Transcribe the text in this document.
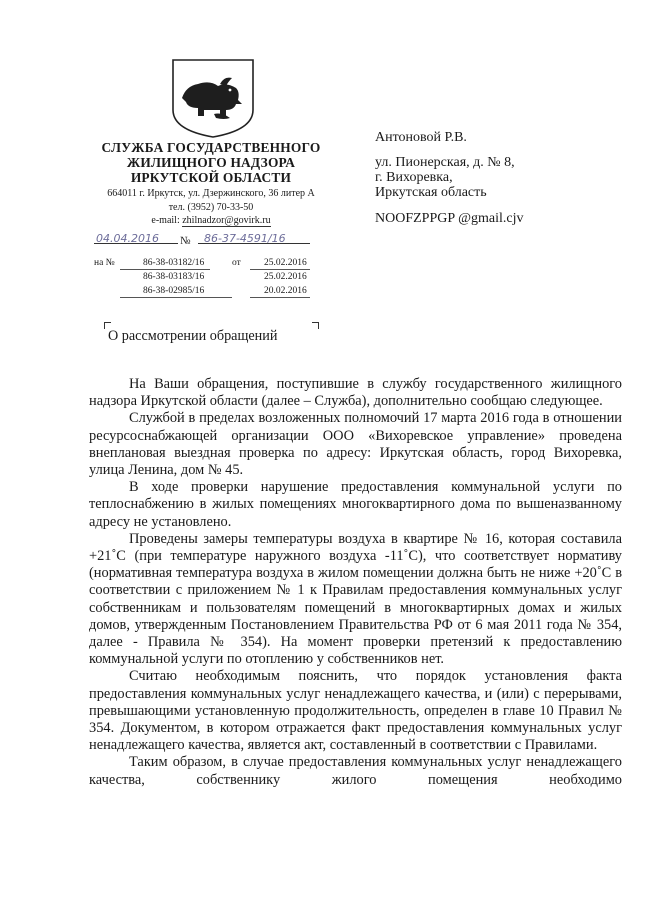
СЛУЖБА ГОСУДАРСТВЕННОГО
ЖИЛИЩНОГО НАДЗОРА
ИРКУТСКОЙ ОБЛАСТИ
664011 г. Иркутск, ул. Дзержинского, 36 литер А
тел. (3952) 70-33-50
e-mail: zhilnadzor@govirk.ru
04.04.2016 № 86-37-4591/16
на №	от
86-38-03182/16	25.02.2016
86-38-03183/16	25.02.2016
86-38-02985/16	20.02.2016
Антоновой Р.В.
ул. Пионерская, д. № 8,
г. Вихоревка,
Иркутская область
NOOFZPPGP @gmail.cjv
О рассмотрении обращений

На Ваши обращения, поступившие в службу государственного жилищного надзора Иркутской области (далее – Служба), дополнительно сообщаю следующее.

Службой в пределах возложенных полномочий 17 марта 2016 года в отношении ресурсоснабжающей организации ООО «Вихоревское управление» проведена внеплановая выездная проверка по адресу: Иркутская область, город Вихоревка, улица Ленина, дом № 45.

В ходе проверки нарушение предоставления коммунальной услуги по теплоснабжению в жилых помещениях многоквартирного дома по вышеназванному адресу не установлено.

Проведены замеры температуры воздуха в квартире № 16, которая составила +21˚С (при температуре наружного воздуха -11˚С), что соответствует нормативу (нормативная температура воздуха в жилом помещении должна быть не ниже +20˚С в соответствии с приложением № 1 к Правилам предоставления коммунальных услуг собственникам и пользователям помещений в многоквартирных домах и жилых домов, утвержденным Постановлением Правительства РФ от 6 мая 2011 года № 354, далее - Правила № 354). На момент проверки претензий к предоставлению коммунальной услуги по отоплению у собственников нет.

Считаю необходимым пояснить, что порядок установления факта предоставления коммунальных услуг ненадлежащего качества, и (или) с перерывами, превышающими установленную продолжительность, определен в главе 10 Правил № 354. Документом, в котором отражается факт предоставления коммунальных услуг ненадлежащего качества, является акт, составленный в соответствии с Правилами.

Таким образом, в случае предоставления коммунальных услуг ненадлежащего качества, собственнику жилого помещения необходимо
